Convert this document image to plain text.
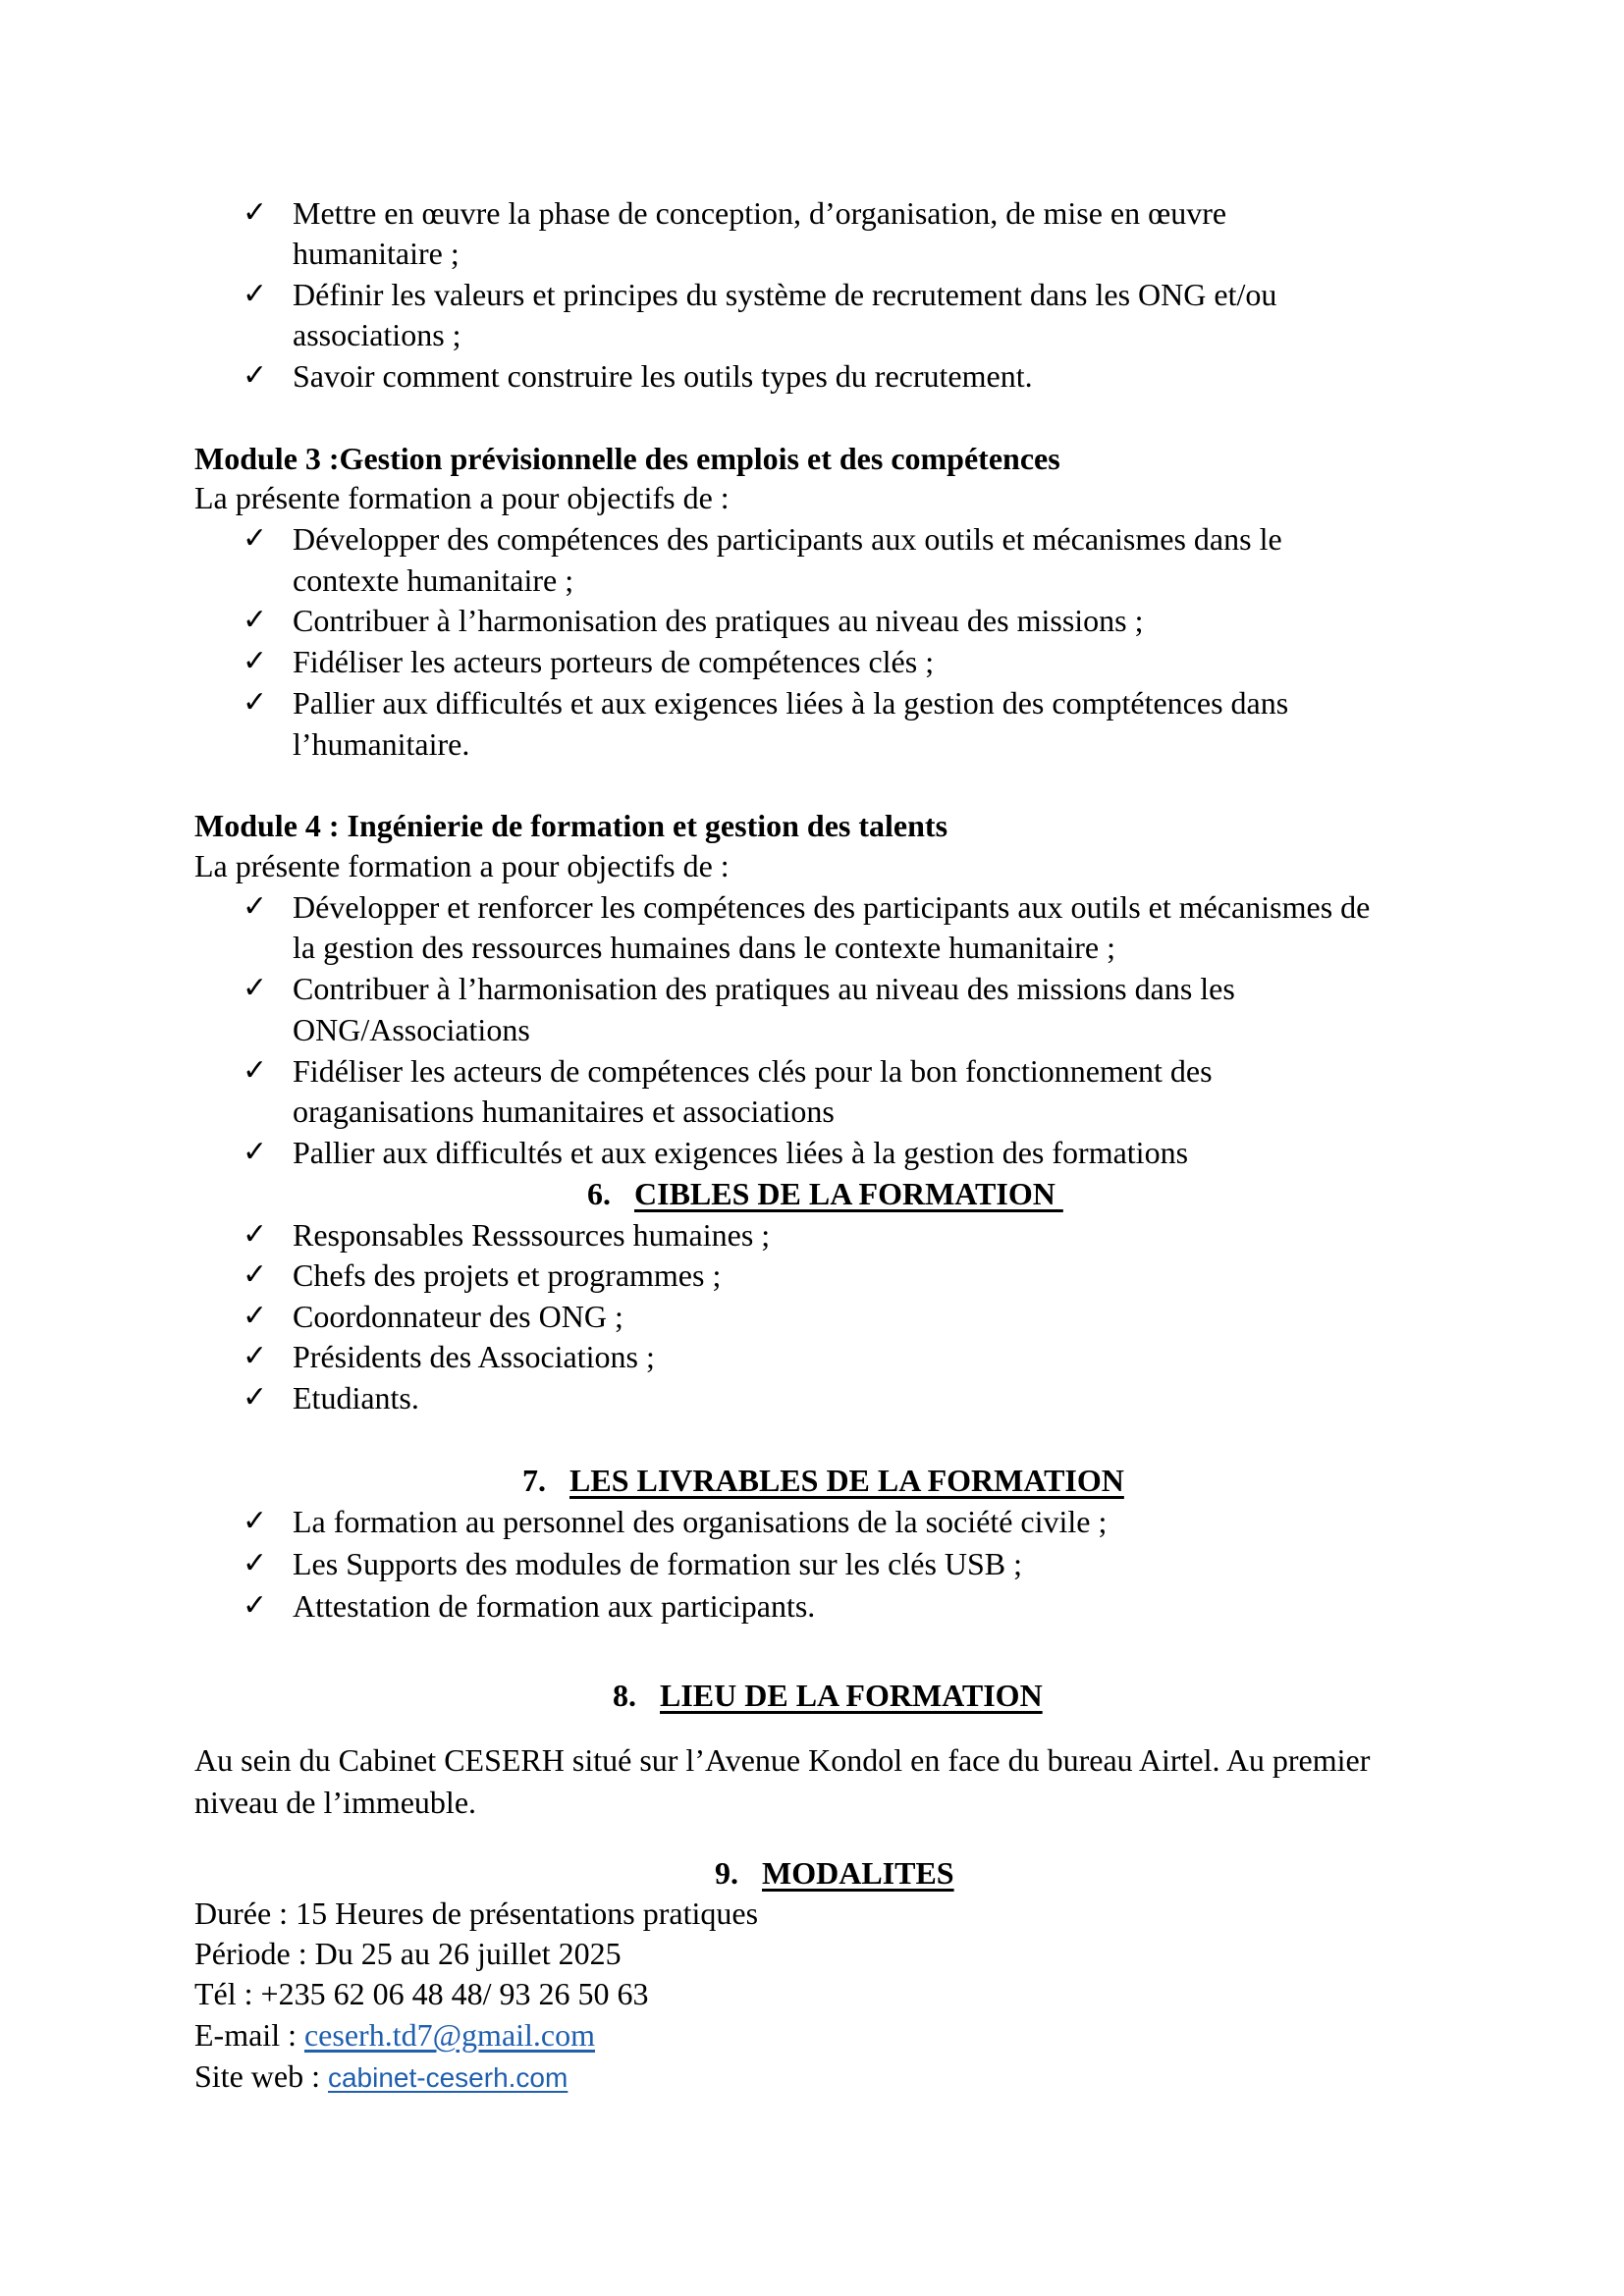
✓ Mettre en œuvre la phase de conception, d’organisation, de mise en œuvre
humanitaire ;
✓ Définir les valeurs et principes du système de recrutement dans les ONG et/ou
associations ;
✓ Savoir comment construire les outils types du recrutement.
Module 3 :Gestion prévisionnelle des emplois et des compétences
La présente formation a pour objectifs de :
✓ Développer des compétences des participants aux outils et mécanismes dans le
contexte humanitaire ;
✓ Contribuer à l’harmonisation des pratiques au niveau des missions ;
✓ Fidéliser les acteurs porteurs de compétences clés ;
✓ Pallier aux difficultés et aux exigences liées à la gestion des comptétences dans
l’humanitaire.
Module 4 : Ingénierie de formation et gestion des talents
La présente formation a pour objectifs de :
✓ Développer et renforcer les compétences des participants aux outils et mécanismes de
la gestion des ressources humaines dans le contexte humanitaire ;
✓ Contribuer à l’harmonisation des pratiques au niveau des missions dans les
ONG/Associations
✓ Fidéliser les acteurs de compétences clés pour la bon fonctionnement des
oraganisations humanitaires et associations
✓ Pallier aux difficultés et aux exigences liées à la gestion des formations
6. CIBLES DE LA FORMATION
✓ Responsables Resssources humaines ;
✓ Chefs des projets et programmes ;
✓ Coordonnateur des ONG ;
✓ Présidents des Associations ;
✓ Etudiants.
7. LES LIVRABLES DE LA FORMATION
✓ La formation au personnel des organisations de la société civile ;
✓ Les Supports des modules de formation sur les clés USB ;
✓ Attestation de formation aux participants.
8. LIEU DE LA FORMATION
Au sein du Cabinet CESERH situé sur l’Avenue Kondol en face du bureau Airtel. Au premier
niveau de l’immeuble.
9. MODALITES
Durée : 15 Heures de présentations pratiques
Période : Du 25 au 26 juillet 2025
Tél : +235 62 06 48 48/ 93 26 50 63
E-mail : ceserh.td7@gmail.com
Site web : cabinet-ceserh.com
